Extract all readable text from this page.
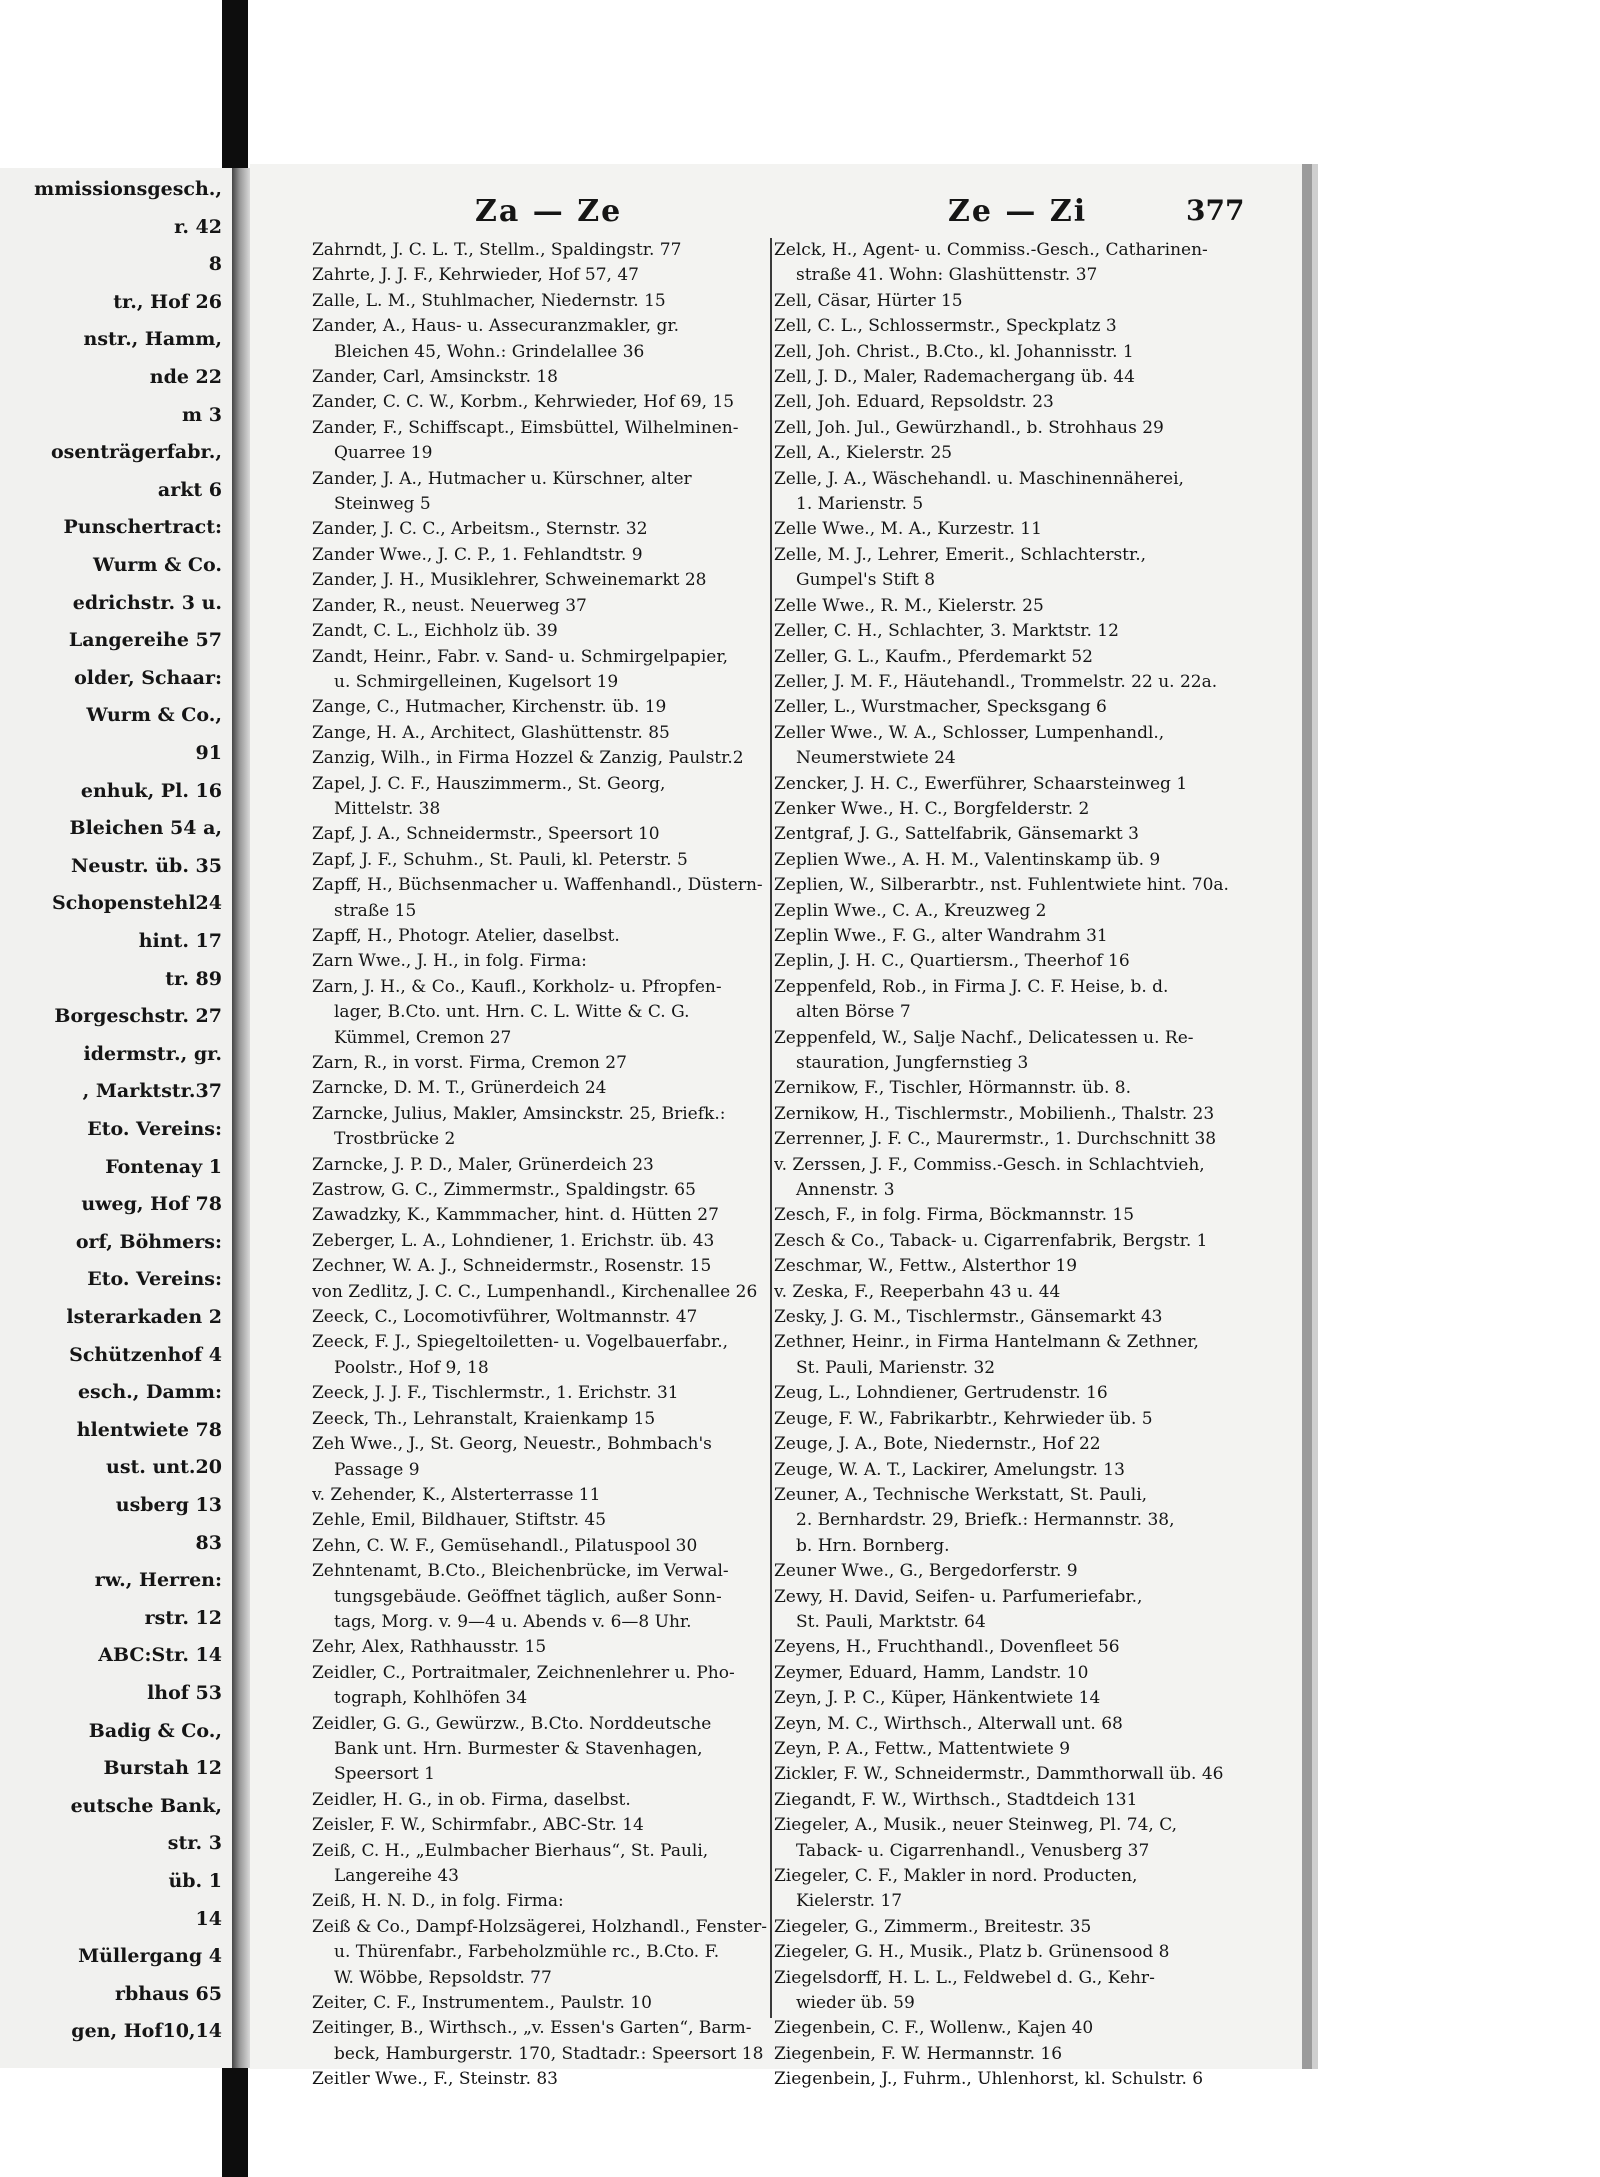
mmissionsgesch.,
r. 42
8
tr., Hof 26
nstr., Hamm,
nde 22
m 3
osenträgerfabr.,
arkt 6
Punschertract:
Wurm & Co.
edrichstr. 3 u.
Langereihe 57
older, Schaar:
Wurm & Co.,
91
enhuk, Pl. 16
Bleichen 54 a,
Neustr. üb. 35
Schopenstehl24
hint. 17
tr. 89
Borgeschstr. 27
idermstr., gr.
, Marktstr.37
Eto. Vereins:
Fontenay 1
uweg, Hof 78
orf, Böhmers:
Eto. Vereins:
lsterarkaden 2
Schützenhof 4
esch., Damm:
hlentwiete 78
ust. unt.20
usberg 13
83
rw., Herren:
rstr. 12
ABC:Str. 14
lhof 53
Badig & Co.,
Burstah 12
eutsche Bank,
str. 3
üb. 1
14
Müllergang 4
rbhaus 65
gen, Hof10,14
Za — Ze	Ze — Zi	377
Zahrndt, J. C. L. T., Stellm., Spaldingstr. 77
Zahrte, J. J. F., Kehrwieder, Hof 57, 47
Zalle, L. M., Stuhlmacher, Niedernstr. 15
Zander, A., Haus- u. Assecuranzmakler, gr.
Bleichen 45, Wohn.: Grindelallee 36
Zander, Carl, Amsinckstr. 18
Zander, C. C. W., Korbm., Kehrwieder, Hof 69, 15
Zander, F., Schiffscapt., Eimsbüttel, Wilhelminen-
Quarree 19
Zander, J. A., Hutmacher u. Kürschner, alter
Steinweg 5
Zander, J. C. C., Arbeitsm., Sternstr. 32
Zander Wwe., J. C. P., 1. Fehlandtstr. 9
Zander, J. H., Musiklehrer, Schweinemarkt 28
Zander, R., neust. Neuerweg 37
Zandt, C. L., Eichholz üb. 39
Zandt, Heinr., Fabr. v. Sand- u. Schmirgelpapier,
u. Schmirgelleinen, Kugelsort 19
Zange, C., Hutmacher, Kirchenstr. üb. 19
Zange, H. A., Architect, Glashüttenstr. 85
Zanzig, Wilh., in Firma Hozzel & Zanzig, Paulstr.2
Zapel, J. C. F., Hauszimmerm., St. Georg,
Mittelstr. 38
Zapf, J. A., Schneidermstr., Speersort 10
Zapf, J. F., Schuhm., St. Pauli, kl. Peterstr. 5
Zapff, H., Büchsenmacher u. Waffenhandl., Düstern-
straße 15
Zapff, H., Photogr. Atelier, daselbst.
Zarn Wwe., J. H., in folg. Firma:
Zarn, J. H., & Co., Kaufl., Korkholz- u. Pfropfen-
lager, B.Cto. unt. Hrn. C. L. Witte & C. G.
Kümmel, Cremon 27
Zarn, R., in vorst. Firma, Cremon 27
Zarncke, D. M. T., Grünerdeich 24
Zarncke, Julius, Makler, Amsinckstr. 25, Briefk.:
Trostbrücke 2
Zarncke, J. P. D., Maler, Grünerdeich 23
Zastrow, G. C., Zimmermstr., Spaldingstr. 65
Zawadzky, K., Kammmacher, hint. d. Hütten 27
Zeberger, L. A., Lohndiener, 1. Erichstr. üb. 43
Zechner, W. A. J., Schneidermstr., Rosenstr. 15
von Zedlitz, J. C. C., Lumpenhandl., Kirchenallee 26
Zeeck, C., Locomotivführer, Woltmannstr. 47
Zeeck, F. J., Spiegeltoiletten- u. Vogelbauerfabr.,
Poolstr., Hof 9, 18
Zeeck, J. J. F., Tischlermstr., 1. Erichstr. 31
Zeeck, Th., Lehranstalt, Kraienkamp 15
Zeh Wwe., J., St. Georg, Neuestr., Bohmbach's
Passage 9
v. Zehender, K., Alsterterrasse 11
Zehle, Emil, Bildhauer, Stiftstr. 45
Zehn, C. W. F., Gemüsehandl., Pilatuspool 30
Zehntenamt, B.Cto., Bleichenbrücke, im Verwal-
tungsgebäude. Geöffnet täglich, außer Sonn-
tags, Morg. v. 9—4 u. Abends v. 6—8 Uhr.
Zehr, Alex, Rathhausstr. 15
Zeidler, C., Portraitmaler, Zeichnenlehrer u. Pho-
tograph, Kohlhöfen 34
Zeidler, G. G., Gewürzw., B.Cto. Norddeutsche
Bank unt. Hrn. Burmester & Stavenhagen,
Speersort 1
Zeidler, H. G., in ob. Firma, daselbst.
Zeisler, F. W., Schirmfabr., ABC-Str. 14
Zeiß, C. H., „Eulmbacher Bierhaus“, St. Pauli,
Langereihe 43
Zeiß, H. N. D., in folg. Firma:
Zeiß & Co., Dampf-Holzsägerei, Holzhandl., Fenster-
u. Thürenfabr., Farbeholzmühle rc., B.Cto. F.
W. Wöbbe, Repsoldstr. 77
Zeiter, C. F., Instrumentem., Paulstr. 10
Zeitinger, B., Wirthsch., „v. Essen's Garten“, Barm-
beck, Hamburgerstr. 170, Stadtadr.: Speersort 18
Zeitler Wwe., F., Steinstr. 83
Zelck, H., Agent- u. Commiss.-Gesch., Catharinen-
straße 41. Wohn: Glashüttenstr. 37
Zell, Cäsar, Hürter 15
Zell, C. L., Schlossermstr., Speckplatz 3
Zell, Joh. Christ., B.Cto., kl. Johannisstr. 1
Zell, J. D., Maler, Rademachergang üb. 44
Zell, Joh. Eduard, Repsoldstr. 23
Zell, Joh. Jul., Gewürzhandl., b. Strohhaus 29
Zell, A., Kielerstr. 25
Zelle, J. A., Wäschehandl. u. Maschinennäherei,
1. Marienstr. 5
Zelle Wwe., M. A., Kurzestr. 11
Zelle, M. J., Lehrer, Emerit., Schlachterstr.,
Gumpel's Stift 8
Zelle Wwe., R. M., Kielerstr. 25
Zeller, C. H., Schlachter, 3. Marktstr. 12
Zeller, G. L., Kaufm., Pferdemarkt 52
Zeller, J. M. F., Häutehandl., Trommelstr. 22 u. 22a.
Zeller, L., Wurstmacher, Specksgang 6
Zeller Wwe., W. A., Schlosser, Lumpenhandl.,
Neumerstwiete 24
Zencker, J. H. C., Ewerführer, Schaarsteinweg 1
Zenker Wwe., H. C., Borgfelderstr. 2
Zentgraf, J. G., Sattelfabrik, Gänsemarkt 3
Zeplien Wwe., A. H. M., Valentinskamp üb. 9
Zeplien, W., Silberarbtr., nst. Fuhlentwiete hint. 70a.
Zeplin Wwe., C. A., Kreuzweg 2
Zeplin Wwe., F. G., alter Wandrahm 31
Zeplin, J. H. C., Quartiersm., Theerhof 16
Zeppenfeld, Rob., in Firma J. C. F. Heise, b. d.
alten Börse 7
Zeppenfeld, W., Salje Nachf., Delicatessen u. Re-
stauration, Jungfernstieg 3
Zernikow, F., Tischler, Hörmannstr. üb. 8.
Zernikow, H., Tischlermstr., Mobilienh., Thalstr. 23
Zerrenner, J. F. C., Maurermstr., 1. Durchschnitt 38
v. Zerssen, J. F., Commiss.-Gesch. in Schlachtvieh,
Annenstr. 3
Zesch, F., in folg. Firma, Böckmannstr. 15
Zesch & Co., Taback- u. Cigarrenfabrik, Bergstr. 1
Zeschmar, W., Fettw., Alsterthor 19
v. Zeska, F., Reeperbahn 43 u. 44
Zesky, J. G. M., Tischlermstr., Gänsemarkt 43
Zethner, Heinr., in Firma Hantelmann & Zethner,
St. Pauli, Marienstr. 32
Zeug, L., Lohndiener, Gertrudenstr. 16
Zeuge, F. W., Fabrikarbtr., Kehrwieder üb. 5
Zeuge, J. A., Bote, Niedernstr., Hof 22
Zeuge, W. A. T., Lackirer, Amelungstr. 13
Zeuner, A., Technische Werkstatt, St. Pauli,
2. Bernhardstr. 29, Briefk.: Hermannstr. 38,
b. Hrn. Bornberg.
Zeuner Wwe., G., Bergedorferstr. 9
Zewy, H. David, Seifen- u. Parfumeriefabr.,
St. Pauli, Marktstr. 64
Zeyens, H., Fruchthandl., Dovenfleet 56
Zeymer, Eduard, Hamm, Landstr. 10
Zeyn, J. P. C., Küper, Hänkentwiete 14
Zeyn, M. C., Wirthsch., Alterwall unt. 68
Zeyn, P. A., Fettw., Mattentwiete 9
Zickler, F. W., Schneidermstr., Dammthorwall üb. 46
Ziegandt, F. W., Wirthsch., Stadtdeich 131
Ziegeler, A., Musik., neuer Steinweg, Pl. 74, C,
Taback- u. Cigarrenhandl., Venusberg 37
Ziegeler, C. F., Makler in nord. Producten,
Kielerstr. 17
Ziegeler, G., Zimmerm., Breitestr. 35
Ziegeler, G. H., Musik., Platz b. Grünensood 8
Ziegelsdorff, H. L. L., Feldwebel d. G., Kehr-
wieder üb. 59
Ziegenbein, C. F., Wollenw., Kajen 40
Ziegenbein, F. W. Hermannstr. 16
Ziegenbein, J., Fuhrm., Uhlenhorst, kl. Schulstr. 6
